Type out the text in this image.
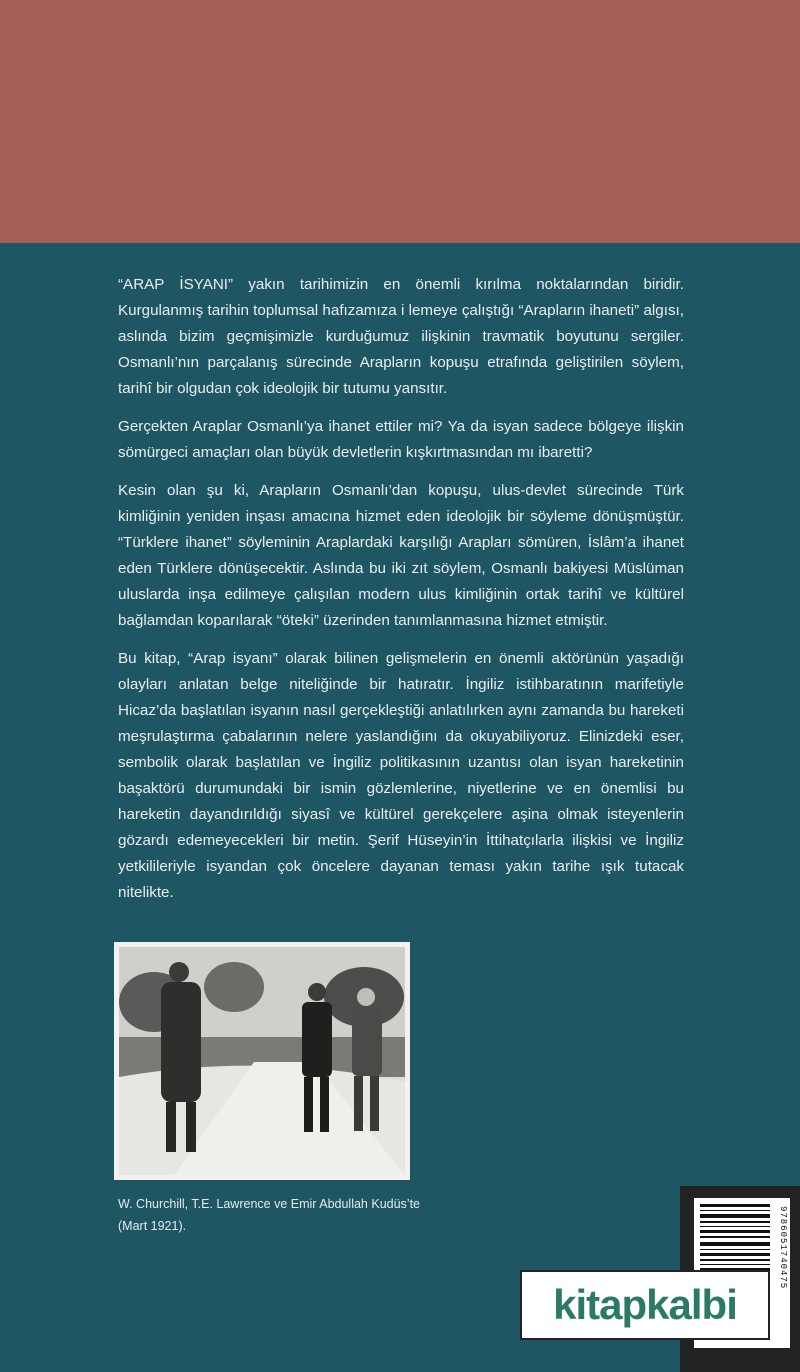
“ARAP İSYANI” yakın tarihimizin en önemli kırılma noktalarından biridir. Kurgulanmış tarihin toplumsal hafızamıza i lemeye çalıştığı “Arapların ihaneti” algısı, aslında bizim geçmişimizle kurduğumuz ilişkinin travmatik boyutunu sergiler. Osmanlı’nın parçalanış sürecinde Arapların kopuşu etrafında geliştirilen söylem, tarihî bir olgudan çok ideolojik bir tutumu yansıtır.

Gerçekten Araplar Osmanlı’ya ihanet ettiler mi? Ya da isyan sadece bölgeye ilişkin sömürgeci amaçları olan büyük devletlerin kışkırtmasından mı ibaretti?

Kesin olan şu ki, Arapların Osmanlı’dan kopuşu, ulus-devlet sürecinde Türk kimliğinin yeniden inşası amacına hizmet eden ideolojik bir söyleme dönüşmüştür. “Türklere ihanet” söyleminin Araplardaki karşılığı Arapları sömüren, İslâm’a ihanet eden Türklere dönüşecektir. Aslında bu iki zıt söylem, Osmanlı bakiyesi Müslüman uluslarda inşa edilmeye çalışılan modern ulus kimliğinin ortak tarihî ve kültürel bağlamdan koparılarak “öteki” üzerinden tanımlanmasına hizmet etmiştir.

Bu kitap, “Arap isyanı” olarak bilinen gelişmelerin en önemli aktörünün yaşadığı olayları anlatan belge niteliğinde bir hatıratır. İngiliz istihbaratının marifetiyle Hicaz’da başlatılan isyanın nasıl gerçekleştiği anlatılırken aynı zamanda bu hareketi meşrulaştırma çabalarının nelere yaslandığını da okuyabiliyoruz. Elinizdeki eser, sembolik olarak başlatılan ve İngiliz politikasının uzantısı olan isyan hareketinin başaktörü durumundaki bir ismin gözlemlerine, niyetlerine ve en önemlisi bu hareketin dayandırıldığı siyasî ve kültürel gerekçelere aşina olmak isteyenlerin gözardı edemeyecekleri bir metin. Şerif Hüseyin’in İttihatçılarla ilişkisi ve İngiliz yetkilileriyle isyandan çok öncelere dayanan teması yakın tarihe ışık tutacak nitelikte.

W. Churchill, T.E. Lawrence ve Emir Abdullah Kudüs’te
(Mart 1921).	9786051740475
kitapkalbi
